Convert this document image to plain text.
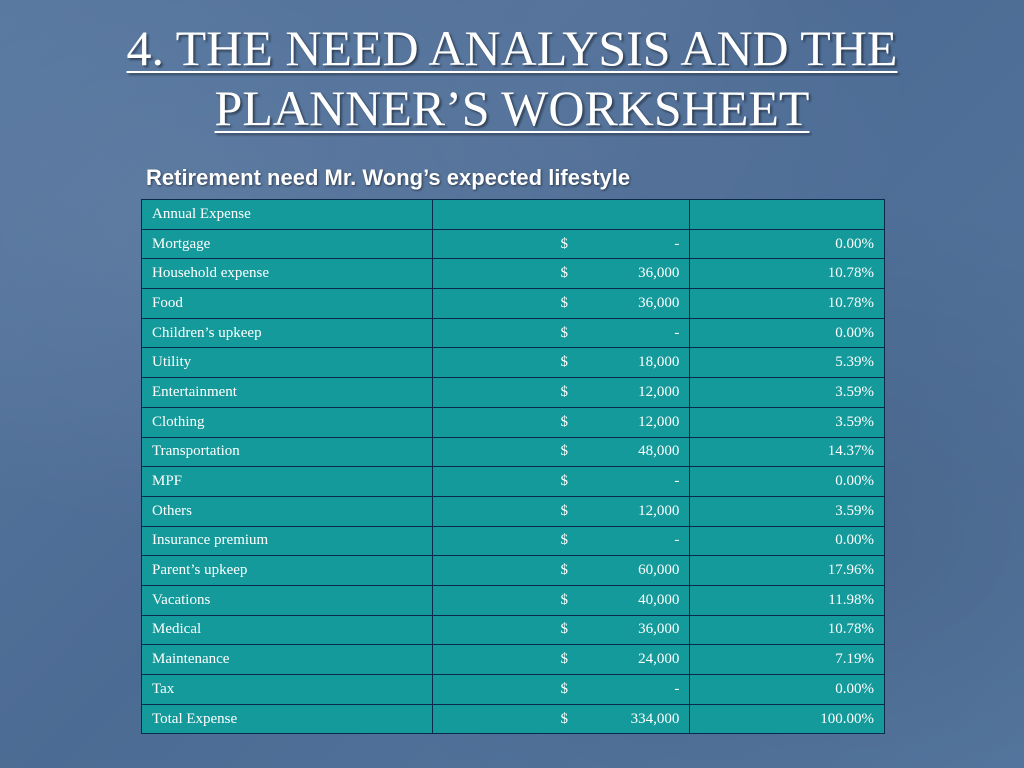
4. THE NEED ANALYSIS AND THE
PLANNER’S WORKSHEET
Retirement need Mr. Wong’s expected lifestyle
Annual Expense		
Mortgage	$ -	0.00%
Household expense	$ 36,000	10.78%
Food	$ 36,000	10.78%
Children’s upkeep	$ -	0.00%
Utility	$ 18,000	5.39%
Entertainment	$ 12,000	3.59%
Clothing	$ 12,000	3.59%
Transportation	$ 48,000	14.37%
MPF	$ -	0.00%
Others	$ 12,000	3.59%
Insurance premium	$ -	0.00%
Parent’s upkeep	$ 60,000	17.96%
Vacations	$ 40,000	11.98%
Medical	$ 36,000	10.78%
Maintenance	$ 24,000	7.19%
Tax	$ -	0.00%
Total Expense	$ 334,000	100.00%
